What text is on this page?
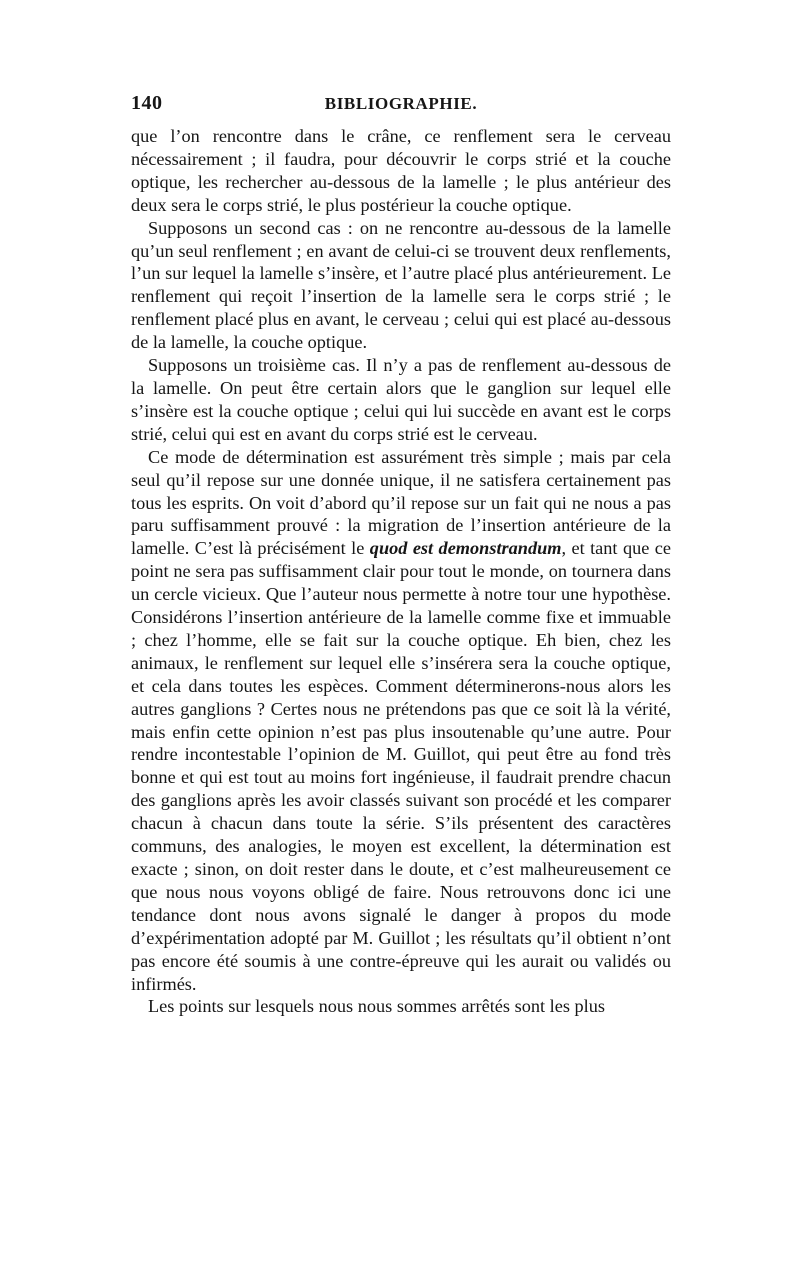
140	BIBLIOGRAPHIE.

que l’on rencontre dans le crâne, ce renflement sera le cerveau nécessairement ; il faudra, pour découvrir le corps strié et la couche optique, les rechercher au-dessous de la lamelle ; le plus antérieur des deux sera le corps strié, le plus postérieur la couche optique.

Supposons un second cas : on ne rencontre au-dessous de la lamelle qu’un seul renflement ; en avant de celui-ci se trouvent deux renflements, l’un sur lequel la lamelle s’insère, et l’autre placé plus antérieurement. Le renflement qui reçoit l’insertion de la lamelle sera le corps strié ; le renflement placé plus en avant, le cerveau ; celui qui est placé au-dessous de la lamelle, la couche optique.

Supposons un troisième cas. Il n’y a pas de renflement au-dessous de la lamelle. On peut être certain alors que le ganglion sur lequel elle s’insère est la couche optique ; celui qui lui succède en avant est le corps strié, celui qui est en avant du corps strié est le cerveau.

Ce mode de détermination est assurément très simple ; mais par cela seul qu’il repose sur une donnée unique, il ne satisfera certainement pas tous les esprits. On voit d’abord qu’il repose sur un fait qui ne nous a pas paru suffisamment prouvé : la migration de l’insertion antérieure de la lamelle. C’est là précisément le quod est demonstrandum, et tant que ce point ne sera pas suffisamment clair pour tout le monde, on tournera dans un cercle vicieux. Que l’auteur nous permette à notre tour une hypothèse. Considérons l’insertion antérieure de la lamelle comme fixe et immuable ; chez l’homme, elle se fait sur la couche optique. Eh bien, chez les animaux, le renflement sur lequel elle s’insérera sera la couche optique, et cela dans toutes les espèces. Comment déterminerons-nous alors les autres ganglions ? Certes nous ne prétendons pas que ce soit là la vérité, mais enfin cette opinion n’est pas plus insoutenable qu’une autre. Pour rendre incontestable l’opinion de M. Guillot, qui peut être au fond très bonne et qui est tout au moins fort ingénieuse, il faudrait prendre chacun des ganglions après les avoir classés suivant son procédé et les comparer chacun à chacun dans toute la série. S’ils présentent des caractères communs, des analogies, le moyen est excellent, la détermination est exacte ; sinon, on doit rester dans le doute, et c’est malheureusement ce que nous nous voyons obligé de faire. Nous retrouvons donc ici une tendance dont nous avons signalé le danger à propos du mode d’expérimentation adopté par M. Guillot ; les résultats qu’il obtient n’ont pas encore été soumis à une contre-épreuve qui les aurait ou validés ou infirmés.

Les points sur lesquels nous nous sommes arrêtés sont les plus
